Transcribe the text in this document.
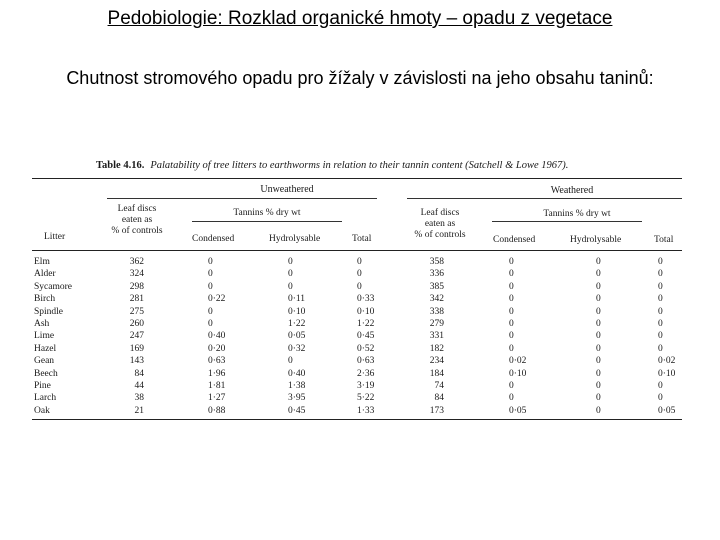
Pedobiologie: Rozklad organické hmoty – opadu z vegetace
Chutnost stromového opadu pro žížaly v závislosti na jeho obsahu taninů:
Table 4.16. Palatability of tree litters to earthworms in relation to their tannin content (Satchell & Lowe 1967).
Unweathered	Weathered
Leaf discs
eaten as
% of controls
Tannins % dry wt	Leaf discs
eaten as
% of controls
Tannins % dry wt
Litter	Condensed	Hydrolysable	Total	Condensed	Hydrolysable	Total
Elm	362	0	0	0	358	0	0	0
Alder	324	0	0	0	336	0	0	0
Sycamore	298	0	0	0	385	0	0	0
Birch	281	0·22	0·11	0·33	342	0	0	0
Spindle	275	0	0·10	0·10	338	0	0	0
Ash	260	0	1·22	1·22	279	0	0	0
Lime	247	0·40	0·05	0·45	331	0	0	0
Hazel	169	0·20	0·32	0·52	182	0	0	0
Gean	143	0·63	0	0·63	234	0·02	0	0·02
Beech	84	1·96	0·40	2·36	184	0·10	0	0·10
Pine	44	1·81	1·38	3·19	74	0	0	0
Larch	38	1·27	3·95	5·22	84	0	0	0
Oak	21	0·88	0·45	1·33	173	0·05	0	0·05
